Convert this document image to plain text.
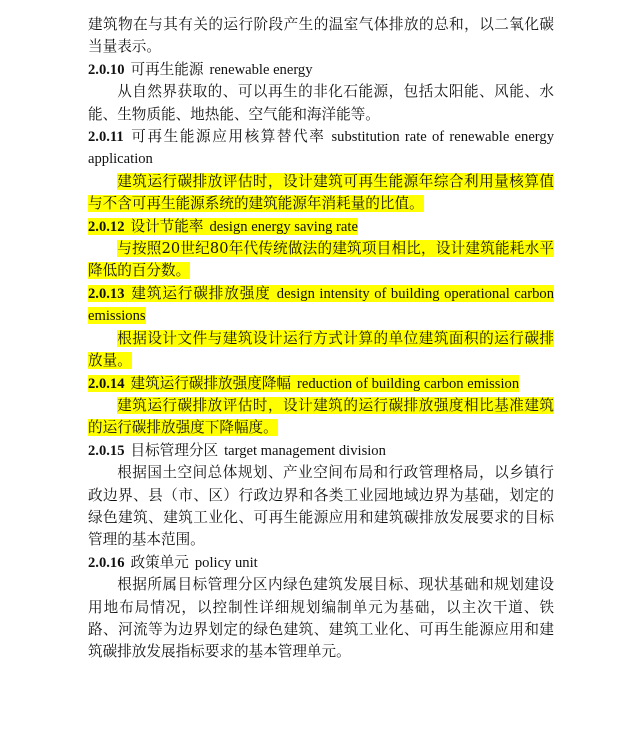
建筑物在与其有关的运行阶段产生的温室气体排放的总和，以二氧化碳当量表示。

2.0.10 可再生能源 renewable energy

从自然界获取的、可以再生的非化石能源，包括太阳能、风能、水能、生物质能、地热能、空气能和海洋能等。

2.0.11 可再生能源应用核算替代率 substitution rate of renewable energy application

建筑运行碳排放评估时，设计建筑可再生能源年综合利用量核算值与不含可再生能源系统的建筑能源年消耗量的比值。

2.0.12 设计节能率 design energy saving rate

与按照20世纪80年代传统做法的建筑项目相比，设计建筑能耗水平降低的百分数。

2.0.13 建筑运行碳排放强度 design intensity of building operational carbon emissions

根据设计文件与建筑设计运行方式计算的单位建筑面积的运行碳排放量。

2.0.14 建筑运行碳排放强度降幅 reduction of building carbon emission

建筑运行碳排放评估时，设计建筑的运行碳排放强度相比基准建筑的运行碳排放强度下降幅度。

2.0.15 目标管理分区 target management division

根据国土空间总体规划、产业空间布局和行政管理格局，以乡镇行政边界、县（市、区）行政边界和各类工业园地域边界为基础，划定的绿色建筑、建筑工业化、可再生能源应用和建筑碳排放发展要求的目标管理的基本范围。

2.0.16 政策单元 policy unit

根据所属目标管理分区内绿色建筑发展目标、现状基础和规划建设用地布局情况，以控制性详细规划编制单元为基础，以主次干道、铁路、河流等为边界划定的绿色建筑、建筑工业化、可再生能源应用和建筑碳排放发展指标要求的基本管理单元。
